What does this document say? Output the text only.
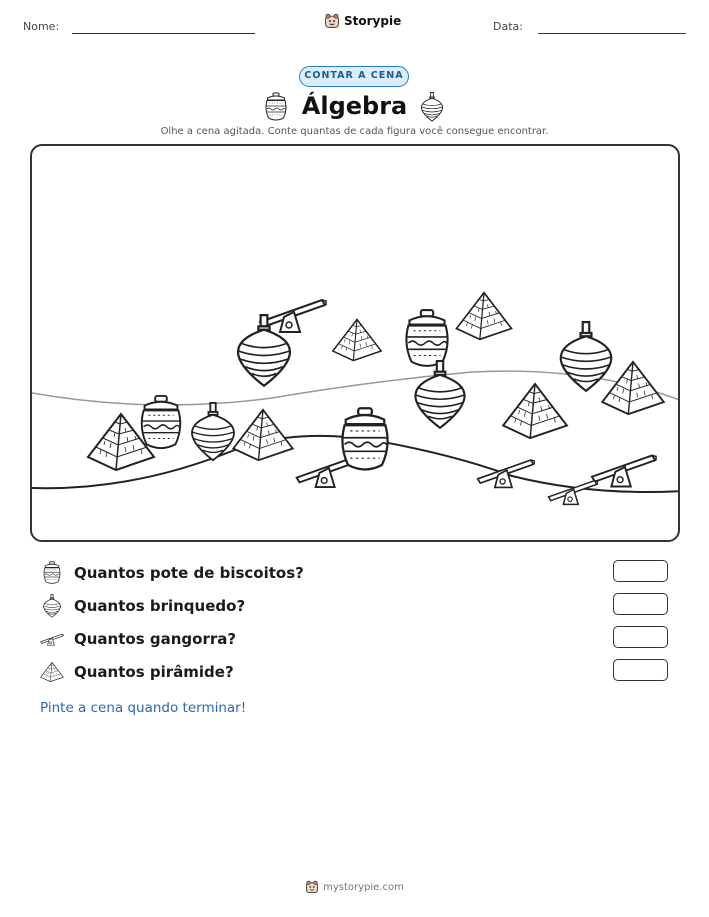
Nome:	Storypie	Data:
CONTAR A CENA
Álgebra
Olhe a cena agitada. Conte quantas de cada figura você consegue encontrar.
Quantos pote de biscoitos?
Quantos brinquedo?
Quantos gangorra?
Quantos pirâmide?
Pinte a cena quando terminar!
mystorypie.com
